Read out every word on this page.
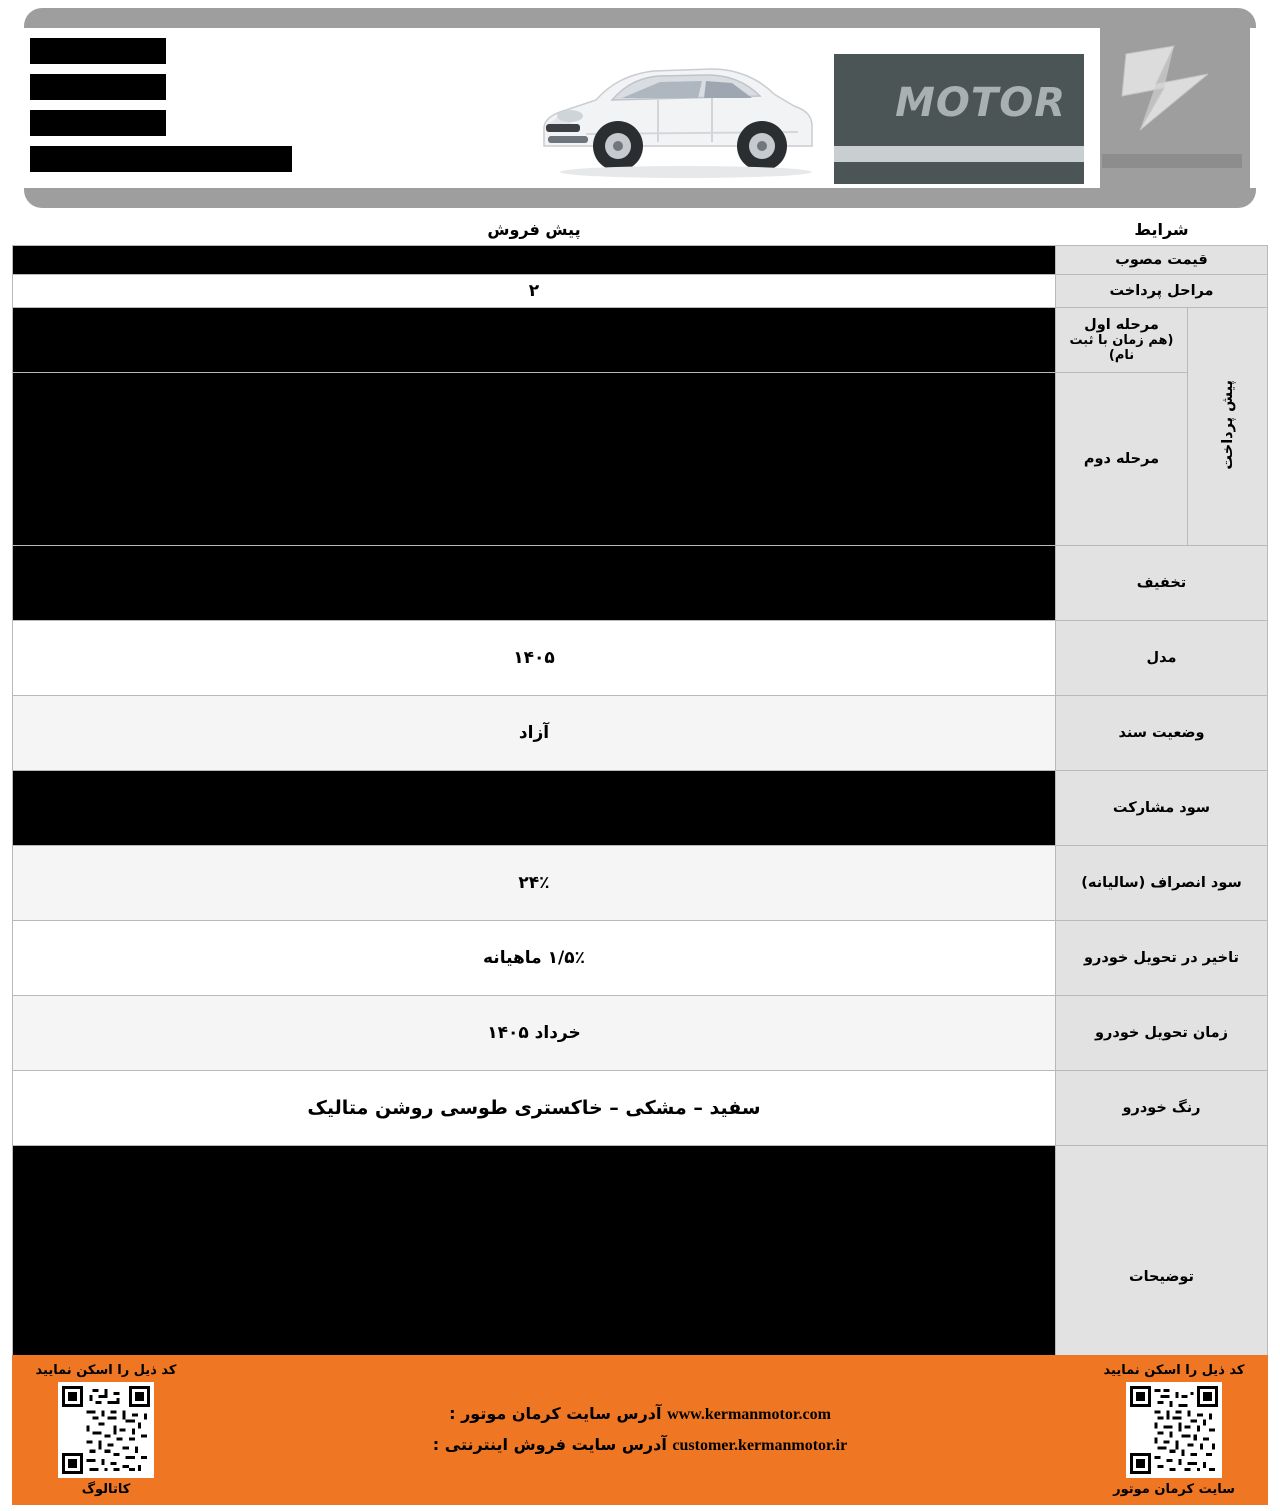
MOTOR
شرایط		پیش فروش
قیمت مصوب		
مراحل پرداخت		۲
پیش پرداخت	مرحله اول
(هم زمان با ثبت نام)	

	مرحله دوم	
تخفیف		
مدل		۱۴۰۵
وضعیت سند		آزاد
سود مشارکت		
سود انصراف (سالیانه)		۲۴٪
تاخیر در تحویل خودرو		۱/۵٪ ماهیانه
زمان تحویل خودرو		خرداد ۱۴۰۵
رنگ خودرو		سفید – مشکی – خاکستری طوسی روشن متالیک
توضیحات		
کد ذیل را اسکن نمایید
سایت کرمان موتور
www.kermanmotor.com آدرس سایت کرمان موتور :
customer.kermanmotor.ir آدرس سایت فروش اینترنتی :
کد ذیل را اسکن نمایید
کاتالوگ
